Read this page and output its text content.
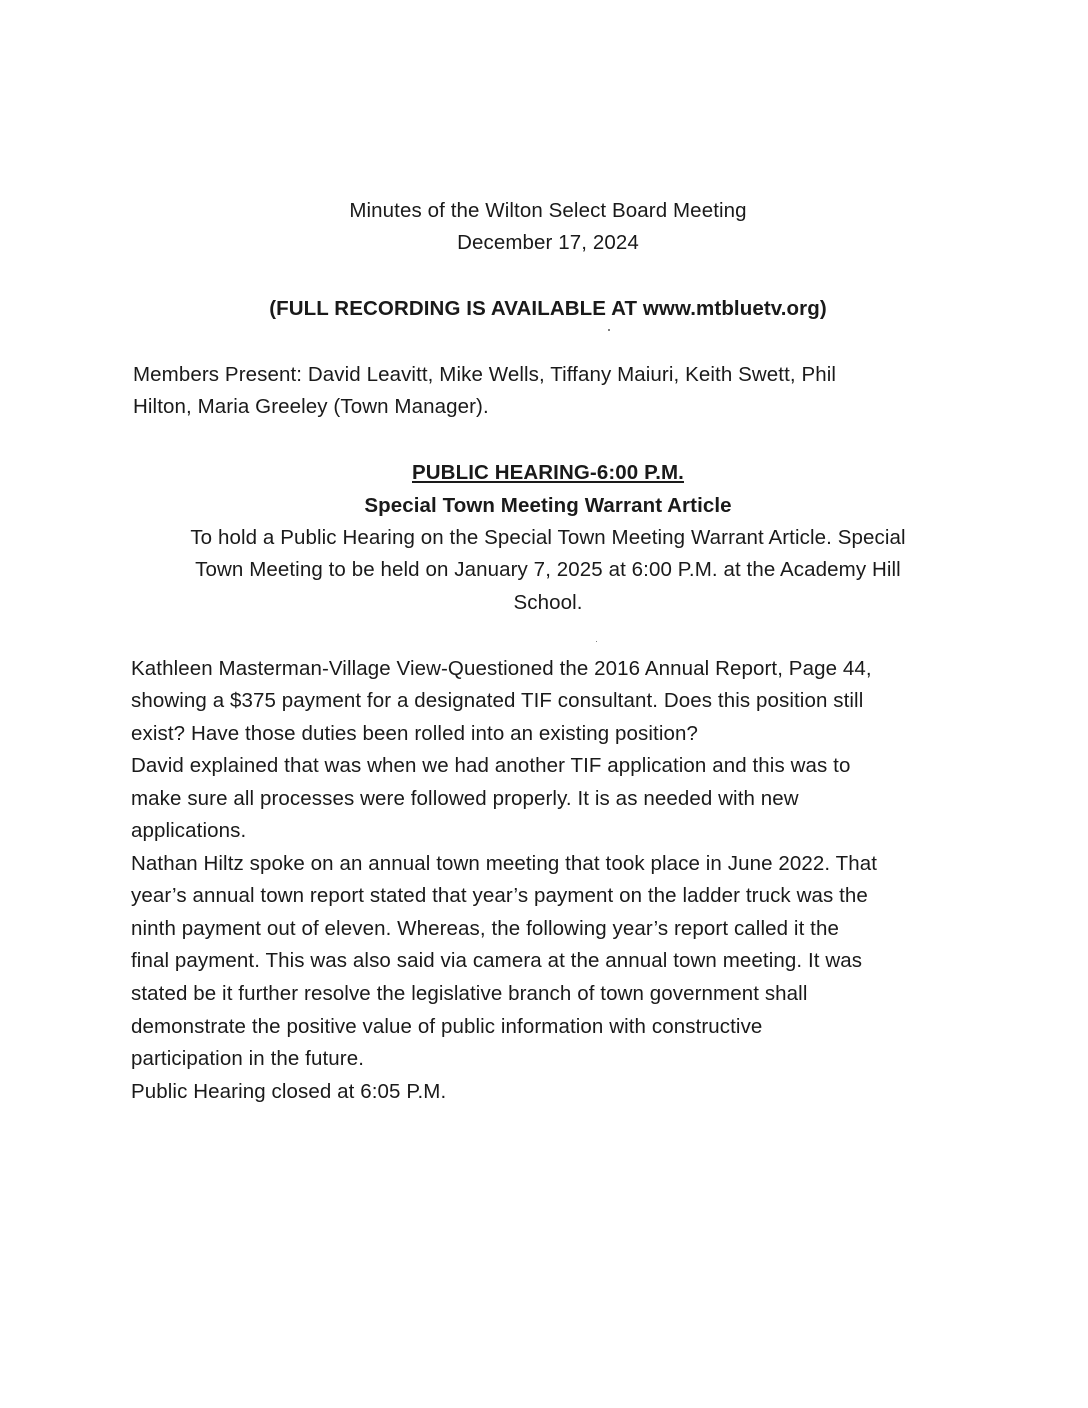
Minutes of the Wilton Select Board Meeting
December 17, 2024
(FULL RECORDING IS AVAILABLE AT www.mtbluetv.org)
Members Present: David Leavitt, Mike Wells, Tiffany Maiuri, Keith Swett, Phil
Hilton, Maria Greeley (Town Manager).
PUBLIC HEARING-6:00 P.M.
Special Town Meeting Warrant Article
To hold a Public Hearing on the Special Town Meeting Warrant Article. Special
Town Meeting to be held on January 7, 2025 at 6:00 P.M. at the Academy Hill
School.
Kathleen Masterman-Village View-Questioned the 2016 Annual Report, Page 44,
showing a $375 payment for a designated TIF consultant. Does this position still
exist? Have those duties been rolled into an existing position?
David explained that was when we had another TIF application and this was to
make sure all processes were followed properly. It is as needed with new
applications.
Nathan Hiltz spoke on an annual town meeting that took place in June 2022. That
year’s annual town report stated that year’s payment on the ladder truck was the
ninth payment out of eleven. Whereas, the following year’s report called it the
final payment. This was also said via camera at the annual town meeting. It was
stated be it further resolve the legislative branch of town government shall
demonstrate the positive value of public information with constructive
participation in the future.
Public Hearing closed at 6:05 P.M.
